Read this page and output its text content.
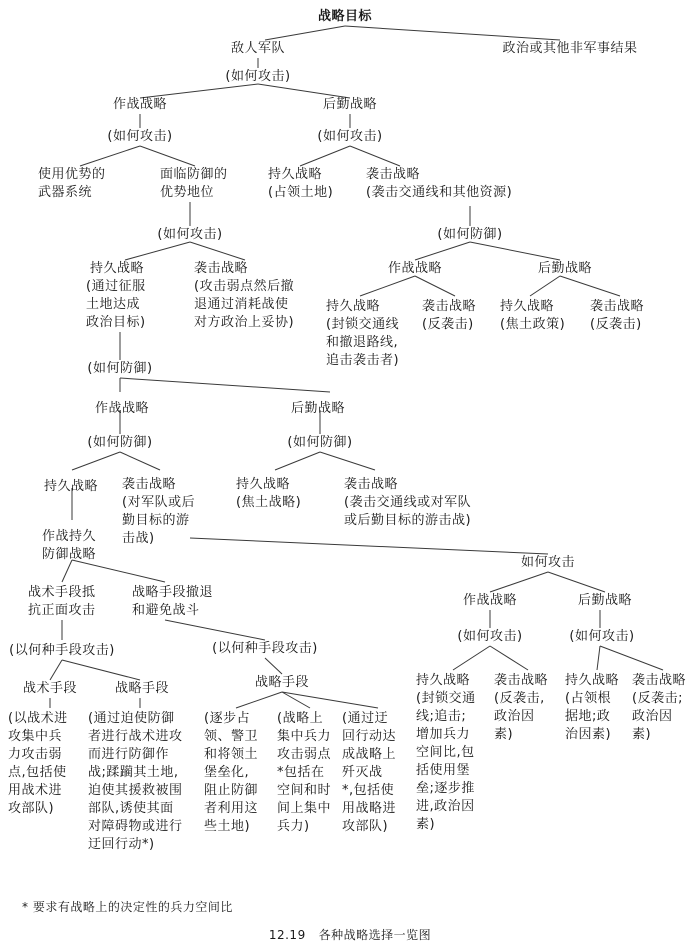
战略目标
敌人军队	政治或其他非军事结果
(如何攻击)
作战战略	后勤战略
(如何攻击)	(如何攻击)
使用优势的
武器系统
面临防御的
优势地位
持久战略
(占领土地)
袭击战略
(袭击交通线和其他资源)
(如何攻击)	(如何防御)
持久战略
(通过征服
土地达成
政治目标)
袭击战略
(攻击弱点然后撤
退通过消耗战使
对方政治上妥协)
作战战略	后勤战略
持久战略
(封锁交通线
和撤退路线,
追击袭击者)
袭击战略
(反袭击)
持久战略
(焦土政策)
袭击战略
(反袭击)
(如何防御)
作战战略	后勤战略
(如何防御)	(如何防御)
持久战略 袭击战略
(对军队或后
勤目标的游
击战)
持久战略
(焦土战略)
袭击战略
(袭击交通线或对军队
或后勤目标的游击战)
作战持久
防御战略
战术手段抵
抗正面攻击
战略手段撤退
和避免战斗
如何攻击
作战战略	后勤战略
(如何攻击)	(如何攻击)
(以何种手段攻击)	(以何种手段攻击)
战术手段	战略手段	战略手段	持久战略
(封锁交通
线;追击;
增加兵力
空间比,包
括使用堡
垒;逐步推
进,政治因
素)
袭击战略
(反袭击,
政治因
素)
持久战略
(占领根
据地;政
治因素)
袭击战略
(反袭击;
政治因
素)
(以战术进
攻集中兵
力攻击弱
点,包括使
用战术进
攻部队)
(通过迫使防御
者进行战术进攻
而进行防御作
战;蹂躏其土地,
迫使其援救被围
部队,诱使其面
对障碍物或进行
迂回行动*)
(逐步占
领、警卫
和将领土
堡垒化,
阻止防御
者利用这
些土地)
(战略上
集中兵力
攻击弱点
*包括在
空间和时
间上集中
兵力)
(通过迂
回行动达
成战略上
歼灭战
*,包括使
用战略进
攻部队)
* 要求有战略上的决定性的兵力空间比
12.19   各种战略选择一览图
